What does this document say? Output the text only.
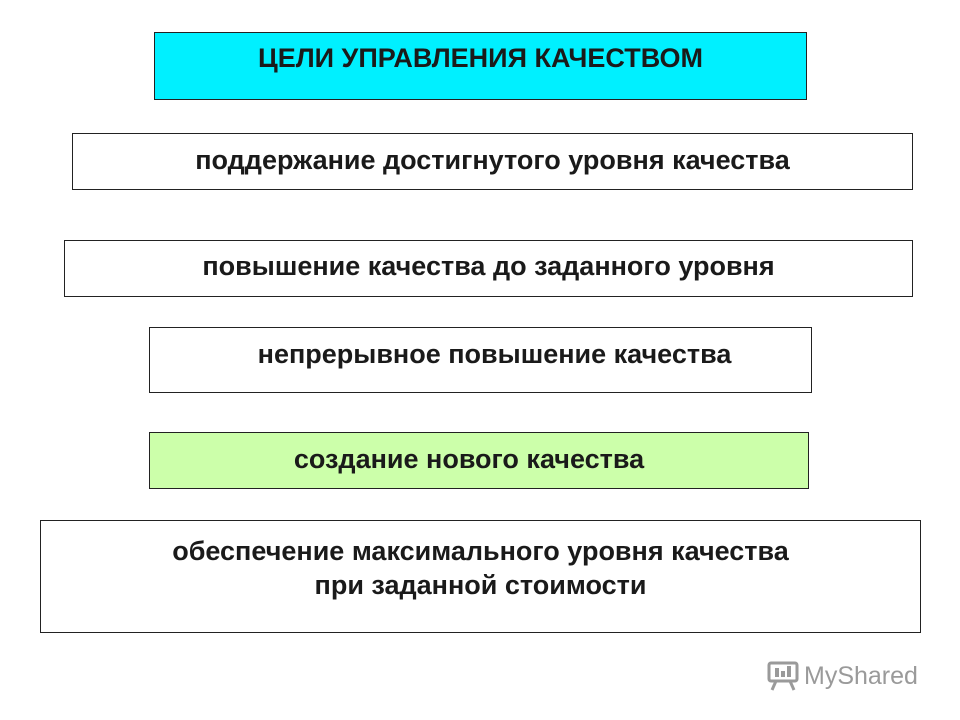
ЦЕЛИ УПРАВЛЕНИЯ КАЧЕСТВОМ
поддержание достигнутого уровня качества
повышение качества до заданного уровня
непрерывное повышение качества
создание нового качества
обеспечение максимального уровня качества
при заданной стоимости
MyShared
